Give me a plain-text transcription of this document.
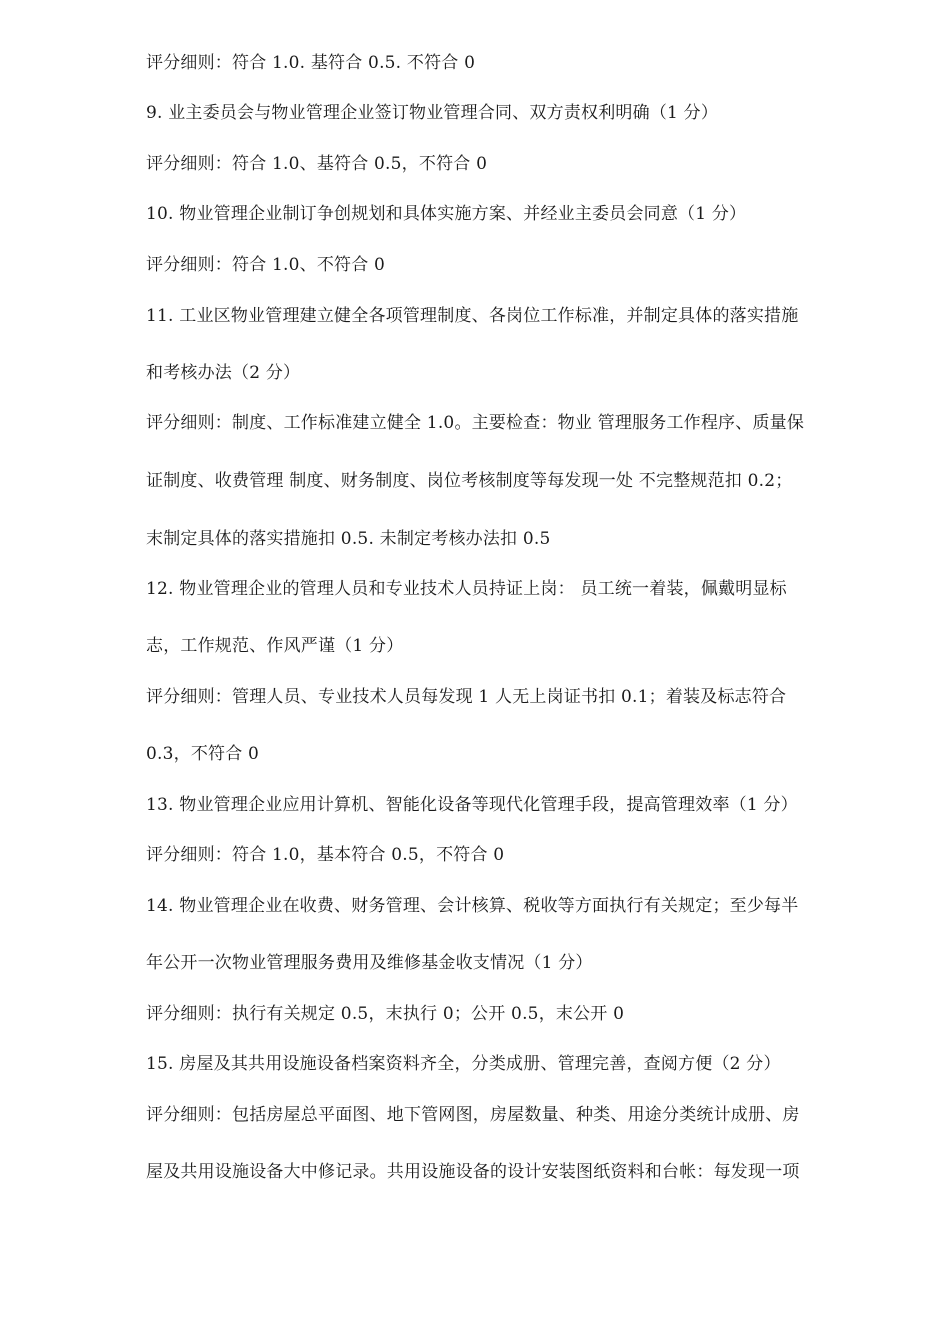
评分细则：符合 1.0. 基符合 0.5. 不符合 0
9. 业主委员会与物业管理企业签订物业管理合同、双方责权利明确（1 分）
评分细则：符合 1.0、基符合 0.5，不符合 0
10. 物业管理企业制订争创规划和具体实施方案、并经业主委员会同意（1 分）
评分细则：符合 1.0、不符合 0
11. 工业区物业管理建立健全各项管理制度、各岗位工作标准，并制定具体的落实措施
和考核办法（2 分）
评分细则：制度、工作标准建立健全 1.0。主要检查：物业 管理服务工作程序、质量保
证制度、收费管理 制度、财务制度、岗位考核制度等每发现一处 不完整规范扣 0.2；
末制定具体的落实措施扣 0.5. 未制定考核办法扣 0.5
12. 物业管理企业的管理人员和专业技术人员持证上岗： 员工统一着装，佩戴明显标
志，工作规范、作风严谨（1 分）
评分细则：管理人员、专业技术人员每发现 1 人无上岗证书扣 0.1；着装及标志符合
0.3，不符合 0
13. 物业管理企业应用计算机、智能化设备等现代化管理手段，提高管理效率（1 分）
评分细则：符合 1.0，基本符合 0.5，不符合 0
14. 物业管理企业在收费、财务管理、会计核算、税收等方面执行有关规定；至少每半
年公开一次物业管理服务费用及维修基金收支情况（1 分）
评分细则：执行有关规定 0.5，末执行 0；公开 0.5，末公开 0
15. 房屋及其共用设施设备档案资料齐全，分类成册、管理完善，查阅方便（2 分）
评分细则：包括房屋总平面图、地下管网图，房屋数量、种类、用途分类统计成册、房
屋及共用设施设备大中修记录。共用设施设备的设计安装图纸资料和台帐：每发现一项
